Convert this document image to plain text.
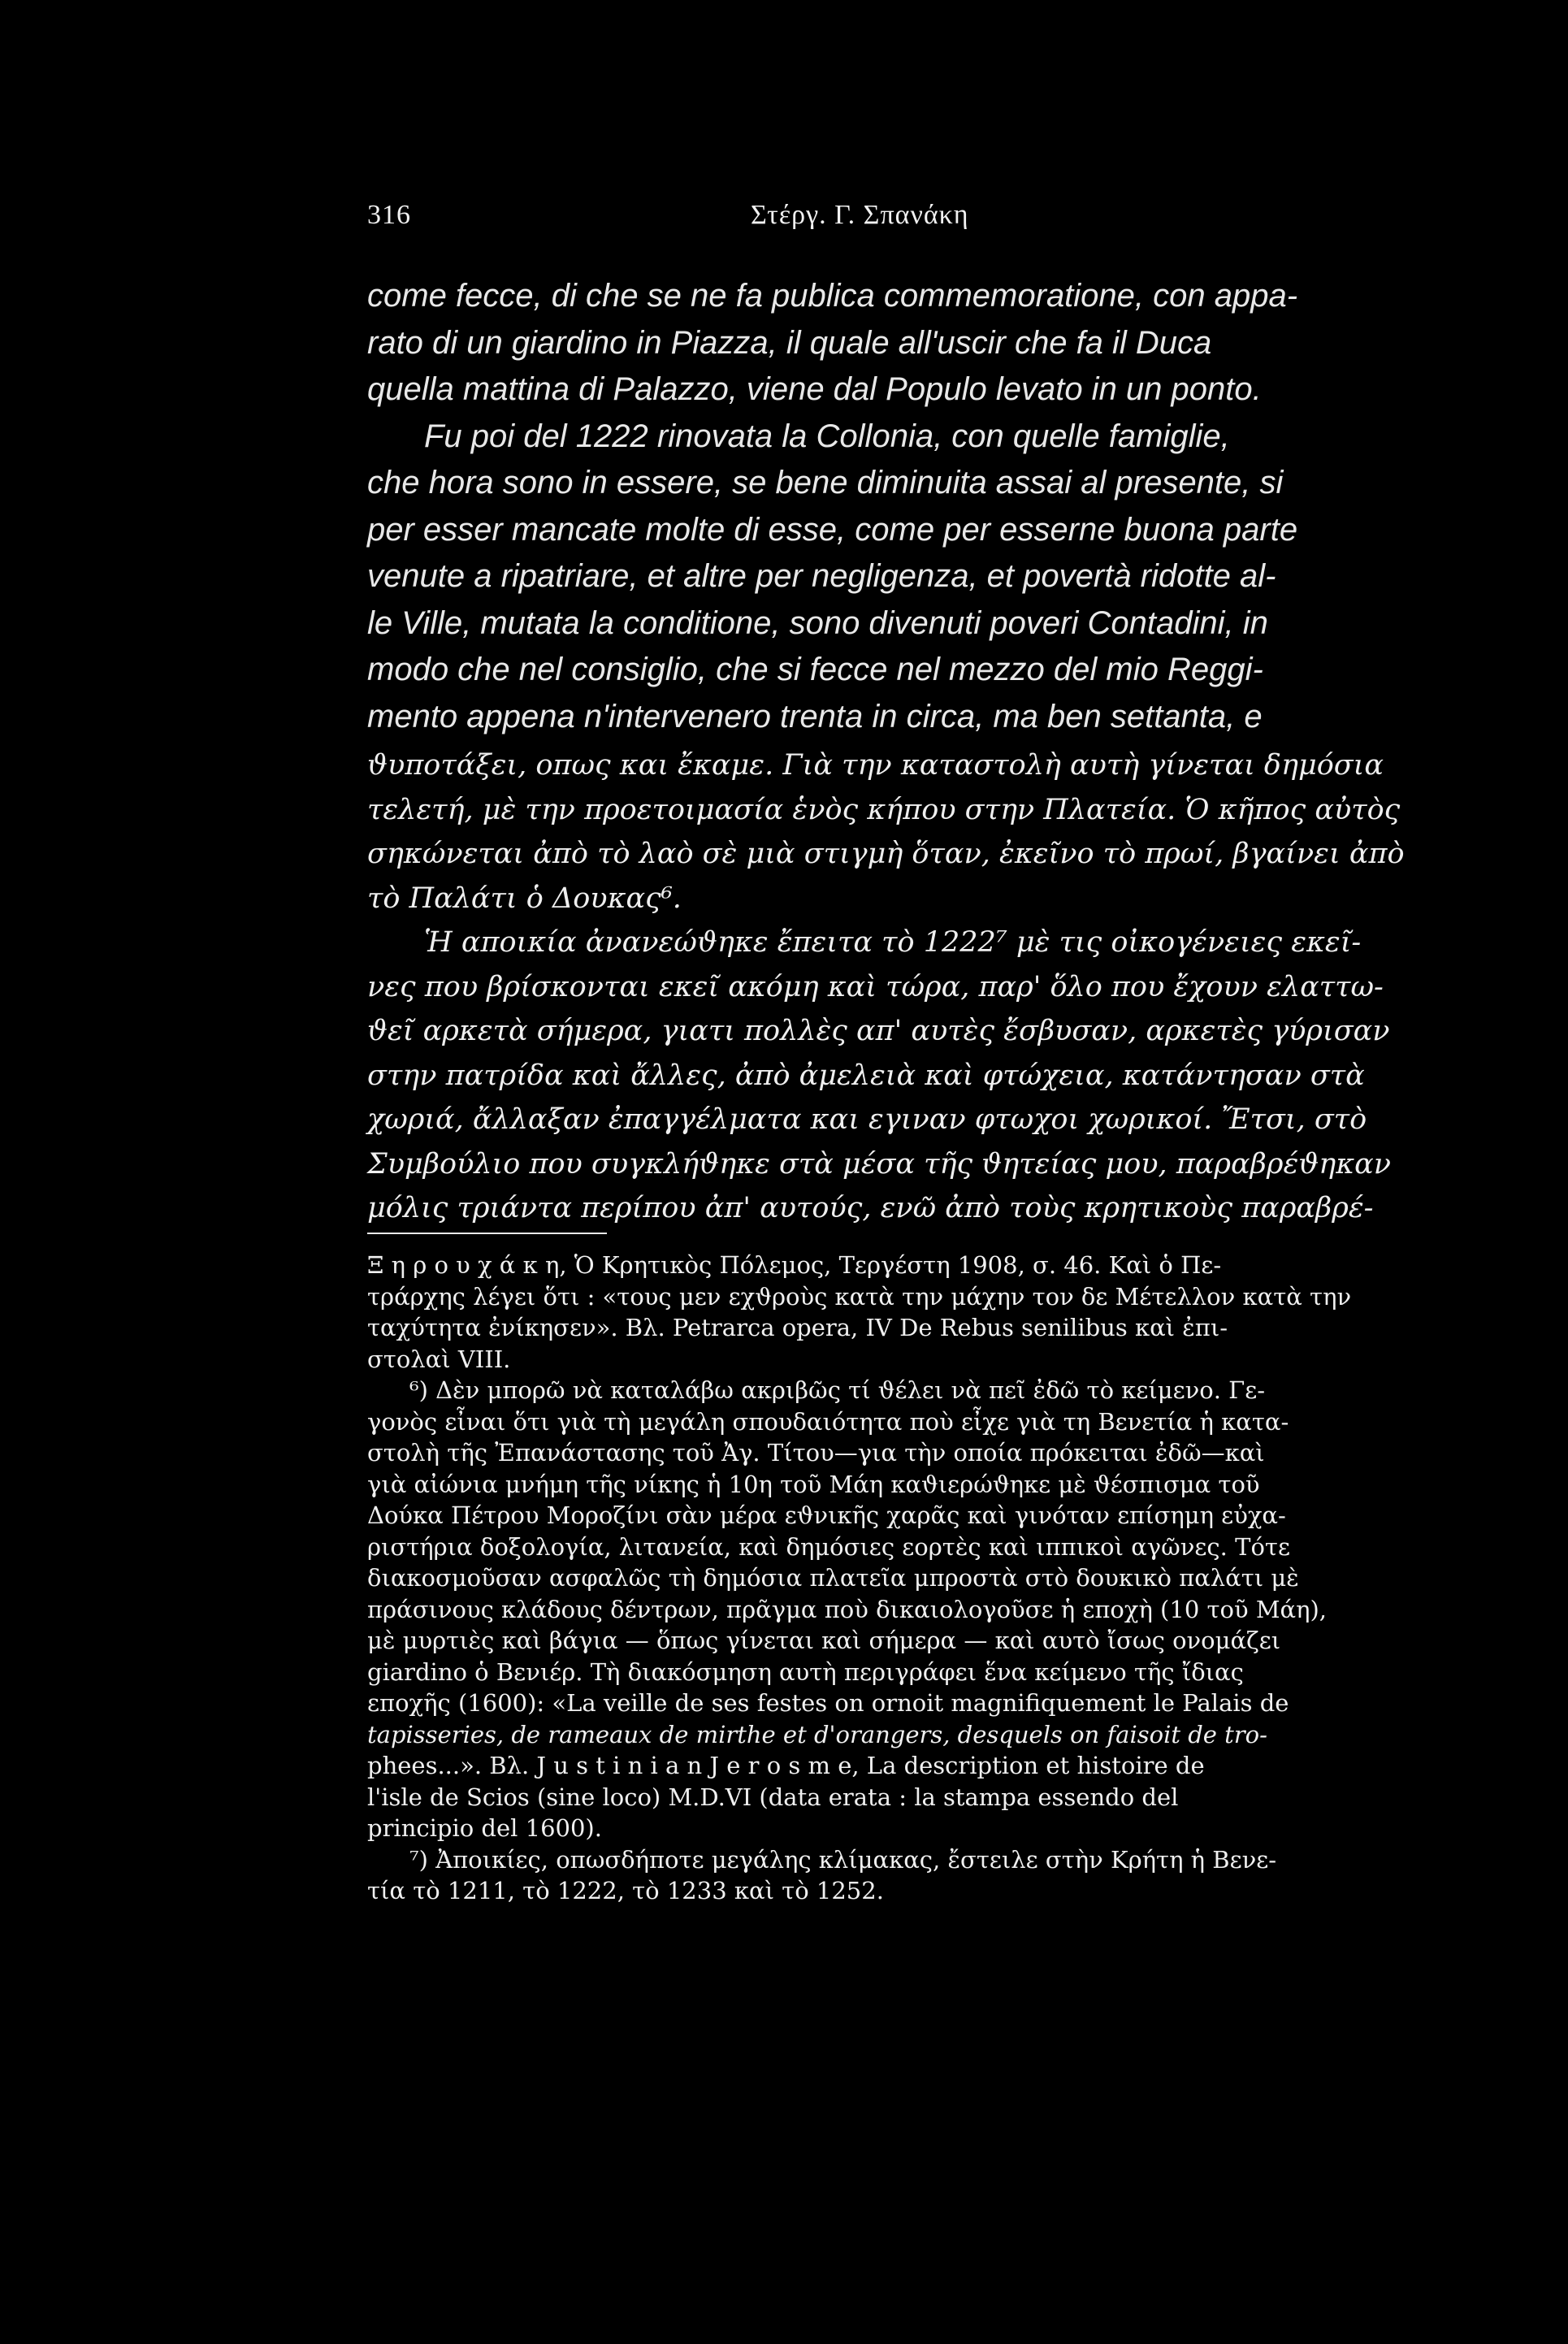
316	Στέργ. Γ. Σπανάκη
come fecce, di che se ne fa publica commemoratione, con appa-
rato di un giardino in Piazza, il quale all'uscir che fa il Duca
quella mattina di Palazzo, viene dal Populo levato in un ponto.
Fu poi del 1222 rinovata la Collonia, con quelle famiglie,
che hora sono in essere, se bene diminuita assai al presente, si
per esser mancate molte di esse, come per esserne buona parte
venute a ripatriare, et altre per negligenza, et povertà ridotte al-
le Ville, mutata la conditione, sono divenuti poveri Contadini, in
modo che nel consiglio, che si fecce nel mezzo del mio Reggi-
mento appena n'intervenero trenta in circa, ma ben settanta, e
ϑυποτάξει, οπως και ἔκαμε. Γιὰ την καταστολὴ αυτὴ γίνεται δημόσια
τελετή, μὲ την προετοιμασία ἑνὸς κήπου στην Πλατεία. Ὁ κῆπος αὐτὸς
σηκώνεται ἀπὸ τὸ λαὸ σὲ μιὰ στιγμὴ ὅταν, ἐκεῖνο τὸ πρωί, βγαίνει ἀπὸ
τὸ Παλάτι ὁ Δουκας⁶.
Ἡ αποικία ἀνανεώϑηκε ἔπειτα τὸ 1222⁷ μὲ τις οἰκογένειες εκεῖ-
νες που βρίσκονται εκεῖ ακόμη καὶ τώρα, παρ' ὅλο που ἔχουν ελαττω-
ϑεῖ αρκετὰ σήμερα, γιατι πολλὲς απ' αυτὲς ἔσβυσαν, αρκετὲς γύρισαν
στην πατρίδα καὶ ἄλλες, ἀπὸ ἀμελειὰ καὶ φτώχεια, κατάντησαν στὰ
χωριά, ἄλλαξαν ἐπαγγέλματα και εγιναν φτωχοι χωρικοί. Ἔτσι, στὸ
Συμβούλιο που συγκλήϑηκε στὰ μέσα τῆς ϑητείας μου, παραβρέϑηκαν
μόλις τριάντα περίπου ἀπ' αυτούς, ενῶ ἀπὸ τοὺς κρητικοὺς παραβρέ-
Ξ η ρ ο υ χ ά κ η, Ὁ Κρητικὸς Πόλεμος, Τεργέστη 1908, σ. 46. Καὶ ὁ Πε-
τράρχης λέγει ὅτι : «τους μεν εχϑροὺς κατὰ την μάχην τον δε Μέτελλον κατὰ την
ταχύτητα ἐνίκησεν». Βλ. Petrarca opera, IV De Rebus senilibus καὶ ἐπι-
στολαὶ VIII.
⁶) Δὲν μπορῶ νὰ καταλάβω ακριβῶς τί ϑέλει νὰ πεῖ ἐδῶ τὸ κείμενο. Γε-
γονὸς εἶναι ὅτι γιὰ τὴ μεγάλη σπουδαιότητα ποὺ εἶχε γιὰ τη Βενετία ἡ κατα-
στολὴ τῆς Ἐπανάστασης τοῦ Ἀγ. Τίτου—για τὴν οποία πρόκειται ἐδῶ—καὶ
γιὰ αἰώνια μνήμη τῆς νίκης ἡ 10η τοῦ Μάη καϑιερώϑηκε μὲ ϑέσπισμα τοῦ
Δούκα Πέτρου Μοροζίνι σὰν μέρα εϑνικῆς χαρᾶς καὶ γινόταν επίσημη εὐχα-
ριστήρια δοξολογία, λιτανεία, καὶ δημόσιες εορτὲς καὶ ιππικοὶ αγῶνες. Τότε
διακοσμοῦσαν ασφαλῶς τὴ δημόσια πλατεῖα μπροστὰ στὸ δουκικὸ παλάτι μὲ
πράσινους κλάδους δέντρων, πρᾶγμα ποὺ δικαιολογοῦσε ἡ εποχὴ (10 τοῦ Μάη),
μὲ μυρτιὲς καὶ βάγια — ὅπως γίνεται καὶ σήμερα — καὶ αυτὸ ἴσως ονομάζει
giardino ὁ Βενιέρ. Τὴ διακόσμηση αυτὴ περιγράφει ἕνα κείμενο τῆς ἴδιας
εποχῆς (1600): «La veille de ses festes on ornoit magnifiquement le Palais de
tapisseries, de rameaux de mirthe et d'orangers, desquels on faisoit de tro-
phees...». Βλ. J u s t i n i a n J e r o s m e, La description et histoire de
l'isle de Scios (sine loco) M.D.VI (data erata : la stampa essendo del
principio del 1600).
⁷) Ἀποικίες, οπωσδήποτε μεγάλης κλίμακας, ἔστειλε στὴν Κρήτη ἡ Βενε-
τία τὸ 1211, τὸ 1222, τὸ 1233 καὶ τὸ 1252.
